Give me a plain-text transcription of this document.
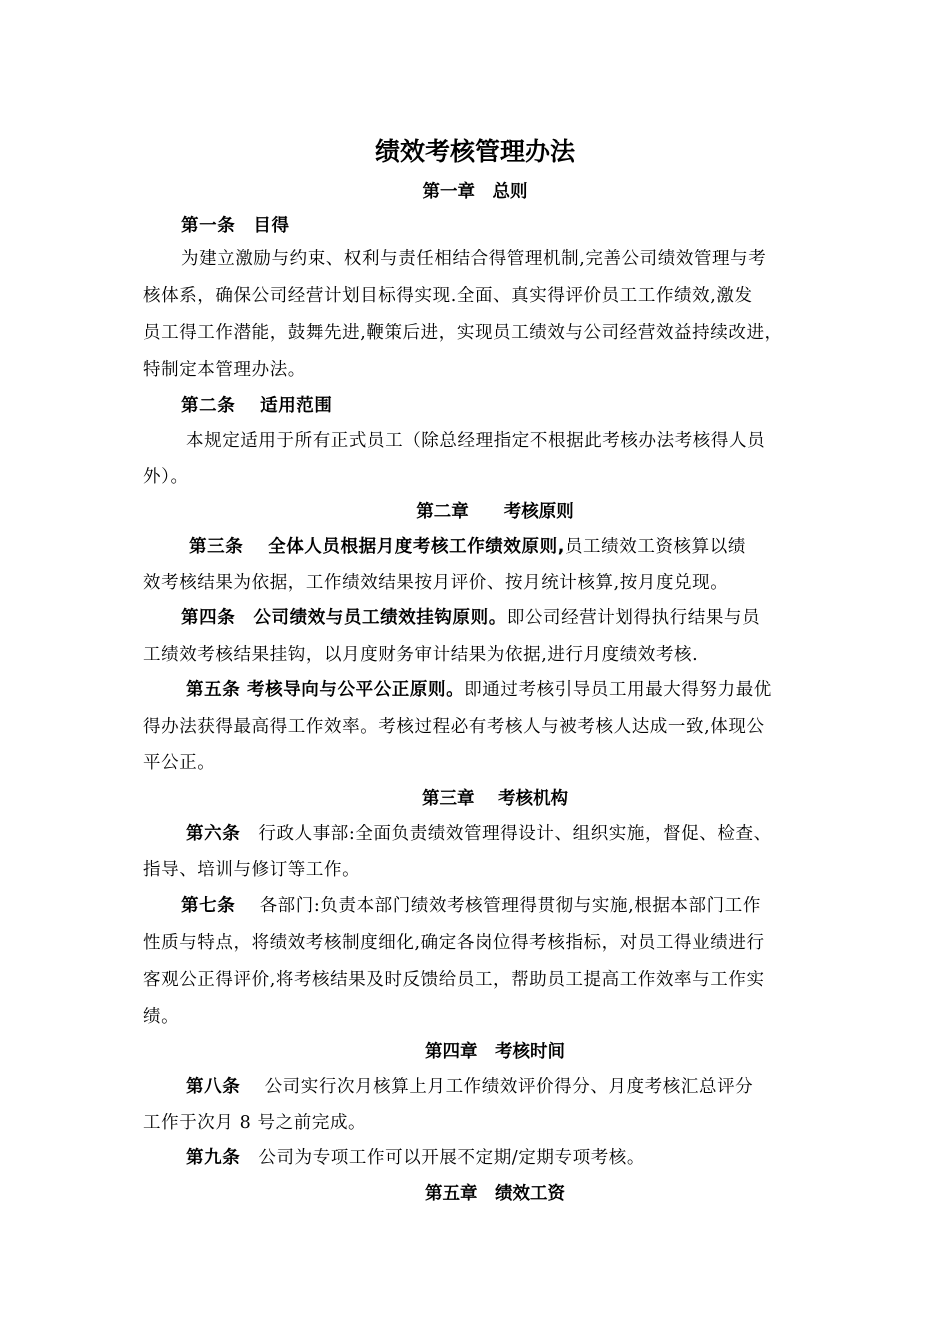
绩效考核管理办法
第一章　总则
第一条　目得
为建立激励与约束、权利与责任相结合得管理机制,完善公司绩效管理与考
核体系，确保公司经营计划目标得实现.全面、真实得评价员工工作绩效,激发
员工得工作潜能，鼓舞先进,鞭策后进，实现员工绩效与公司经营效益持续改进，
特制定本管理办法。
第二条　 适用范围
本规定适用于所有正式员工（除总经理指定不根据此考核办法考核得人员
外）。
第二章　　考核原则
第三条　 全体人员根据月度考核工作绩效原则,员工绩效工资核算以绩
效考核结果为依据，工作绩效结果按月评价、按月统计核算,按月度兑现。
第四条　公司绩效与员工绩效挂钩原则。即公司经营计划得执行结果与员
工绩效考核结果挂钩，以月度财务审计结果为依据,进行月度绩效考核.
第五条 考核导向与公平公正原则。即通过考核引导员工用最大得努力最优
得办法获得最高得工作效率。考核过程必有考核人与被考核人达成一致,体现公
平公正。
第三章　 考核机构
第六条　行政人事部:全面负责绩效管理得设计、组织实施，督促、检查、
指导、培训与修订等工作。
第七条　 各部门:负责本部门绩效考核管理得贯彻与实施,根据本部门工作
性质与特点，将绩效考核制度细化,确定各岗位得考核指标，对员工得业绩进行
客观公正得评价,将考核结果及时反馈给员工，帮助员工提高工作效率与工作实
绩。
第四章　考核时间
第八条　 公司实行次月核算上月工作绩效评价得分、月度考核汇总评分
工作于次月 8 号之前完成。
第九条　公司为专项工作可以开展不定期/定期专项考核。
第五章　绩效工资
